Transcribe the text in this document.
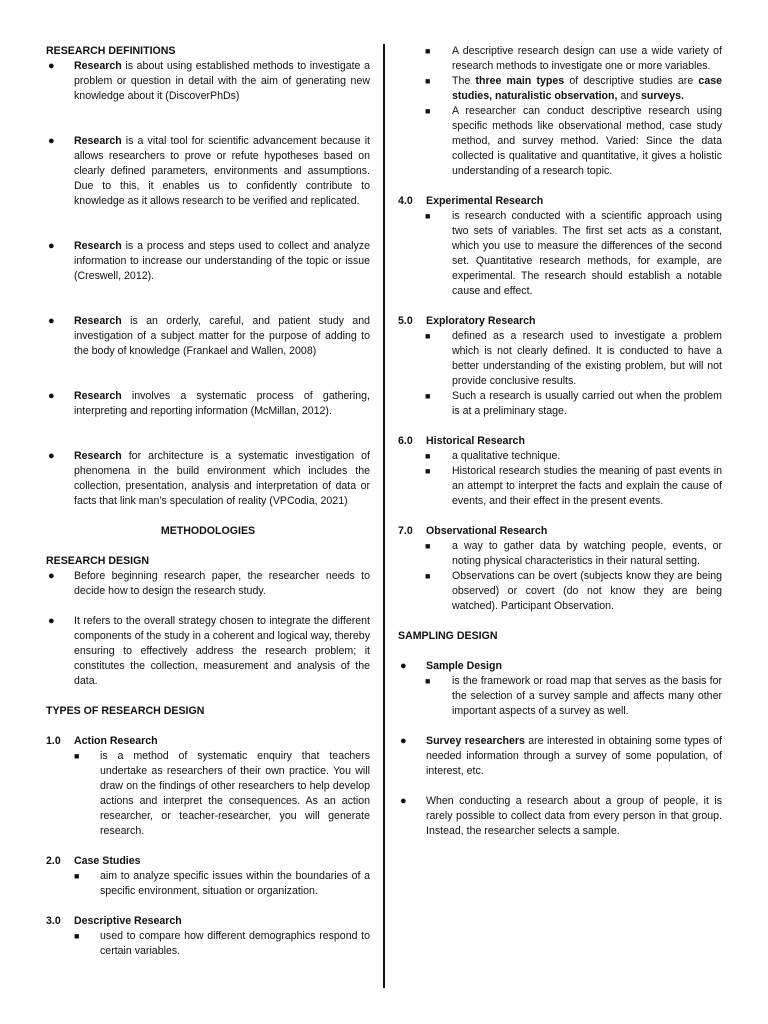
RESEARCH DEFINITIONS
● Research is about using established methods to investigate a problem or question in detail with the aim of generating new knowledge about it (DiscoverPhDs)
● Research is a vital tool for scientific advancement because it allows researchers to prove or refute hypotheses based on clearly defined parameters, environments and assumptions. Due to this, it enables us to confidently contribute to knowledge as it allows research to be verified and replicated.
● Research is a process and steps used to collect and analyze information to increase our understanding of the topic or issue (Creswell, 2012).
● Research is an orderly, careful, and patient study and investigation of a subject matter for the purpose of adding to the body of knowledge (Frankael and Wallen, 2008)
● Research involves a systematic process of gathering, interpreting and reporting information (McMillan, 2012).
● Research for architecture is a systematic investigation of phenomena in the build environment which includes the collection, presentation, analysis and interpretation of data or facts that link man’s speculation of reality (VPCodia, 2021)
METHODOLOGIES
RESEARCH DESIGN
● Before beginning research paper, the researcher needs to decide how to design the research study.
● It refers to the overall strategy chosen to integrate the different components of the study in a coherent and logical way, thereby ensuring to effectively address the research problem; it constitutes the collection, measurement and analysis of the data.
TYPES OF RESEARCH DESIGN
1.0 Action Research
■ is a method of systematic enquiry that teachers undertake as researchers of their own practice. You will draw on the findings of other researchers to help develop actions and interpret the consequences. As an action researcher, or teacher-researcher, you will generate research.
2.0 Case Studies
■ aim to analyze specific issues within the boundaries of a specific environment, situation or organization.
3.0 Descriptive Research
■ used to compare how different demographics respond to certain variables.
■ A descriptive research design can use a wide variety of research methods to investigate one or more variables.
■ The three main types of descriptive studies are case studies, naturalistic observation, and surveys.
■ A researcher can conduct descriptive research using specific methods like observational method, case study method, and survey method. Varied: Since the data collected is qualitative and quantitative, it gives a holistic understanding of a research topic.
4.0 Experimental Research
■ is research conducted with a scientific approach using two sets of variables. The first set acts as a constant, which you use to measure the differences of the second set. Quantitative research methods, for example, are experimental. The research should establish a notable cause and effect.
5.0 Exploratory Research
■ defined as a research used to investigate a problem which is not clearly defined. It is conducted to have a better understanding of the existing problem, but will not provide conclusive results.
■ Such a research is usually carried out when the problem is at a preliminary stage.
6.0 Historical Research
■ a qualitative technique.
■ Historical research studies the meaning of past events in an attempt to interpret the facts and explain the cause of events, and their effect in the present events.
7.0 Observational Research
■ a way to gather data by watching people, events, or noting physical characteristics in their natural setting.
■ Observations can be overt (subjects know they are being observed) or covert (do not know they are being watched). Participant Observation.
SAMPLING DESIGN
● Sample Design
■ is the framework or road map that serves as the basis for the selection of a survey sample and affects many other important aspects of a survey as well.
● Survey researchers are interested in obtaining some types of needed information through a survey of some population, of interest, etc.
● When conducting a research about a group of people, it is rarely possible to collect data from every person in that group. Instead, the researcher selects a sample.
